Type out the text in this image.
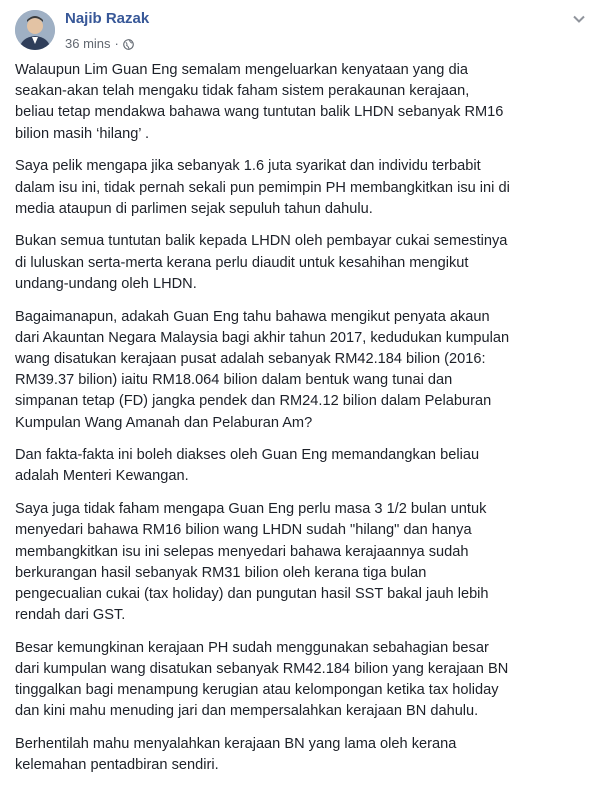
Najib Razak
36 mins ·

Walaupun Lim Guan Eng semalam mengeluarkan kenyataan yang dia
seakan-akan telah mengaku tidak faham sistem perakaunan kerajaan,
beliau tetap mendakwa bahawa wang tuntutan balik LHDN sebanyak RM16
bilion masih ‘hilang’ .

Saya pelik mengapa jika sebanyak 1.6 juta syarikat dan individu terbabit
dalam isu ini, tidak pernah sekali pun pemimpin PH membangkitkan isu ini di
media ataupun di parlimen sejak sepuluh tahun dahulu.

Bukan semua tuntutan balik kepada LHDN oleh pembayar cukai semestinya
di luluskan serta-merta kerana perlu diaudit untuk kesahihan mengikut
undang-undang oleh LHDN.

Bagaimanapun, adakah Guan Eng tahu bahawa mengikut penyata akaun
dari Akauntan Negara Malaysia bagi akhir tahun 2017, kedudukan kumpulan
wang disatukan kerajaan pusat adalah sebanyak RM42.184 bilion (2016:
RM39.37 bilion) iaitu RM18.064 bilion dalam bentuk wang tunai dan
simpanan tetap (FD) jangka pendek dan RM24.12 bilion dalam Pelaburan
Kumpulan Wang Amanah dan Pelaburan Am?

Dan fakta-fakta ini boleh diakses oleh Guan Eng memandangkan beliau
adalah Menteri Kewangan.

Saya juga tidak faham mengapa Guan Eng perlu masa 3 1/2 bulan untuk
menyedari bahawa RM16 bilion wang LHDN sudah "hilang" dan hanya
membangkitkan isu ini selepas menyedari bahawa kerajaannya sudah
berkurangan hasil sebanyak RM31 bilion oleh kerana tiga bulan
pengecualian cukai (tax holiday) dan pungutan hasil SST bakal jauh lebih
rendah dari GST.

Besar kemungkinan kerajaan PH sudah menggunakan sebahagian besar
dari kumpulan wang disatukan sebanyak RM42.184 bilion yang kerajaan BN
tinggalkan bagi menampung kerugian atau kelompongan ketika tax holiday
dan kini mahu menuding jari dan mempersalahkan kerajaan BN dahulu.

Berhentilah mahu menyalahkan kerajaan BN yang lama oleh kerana
kelemahan pentadbiran sendiri.
